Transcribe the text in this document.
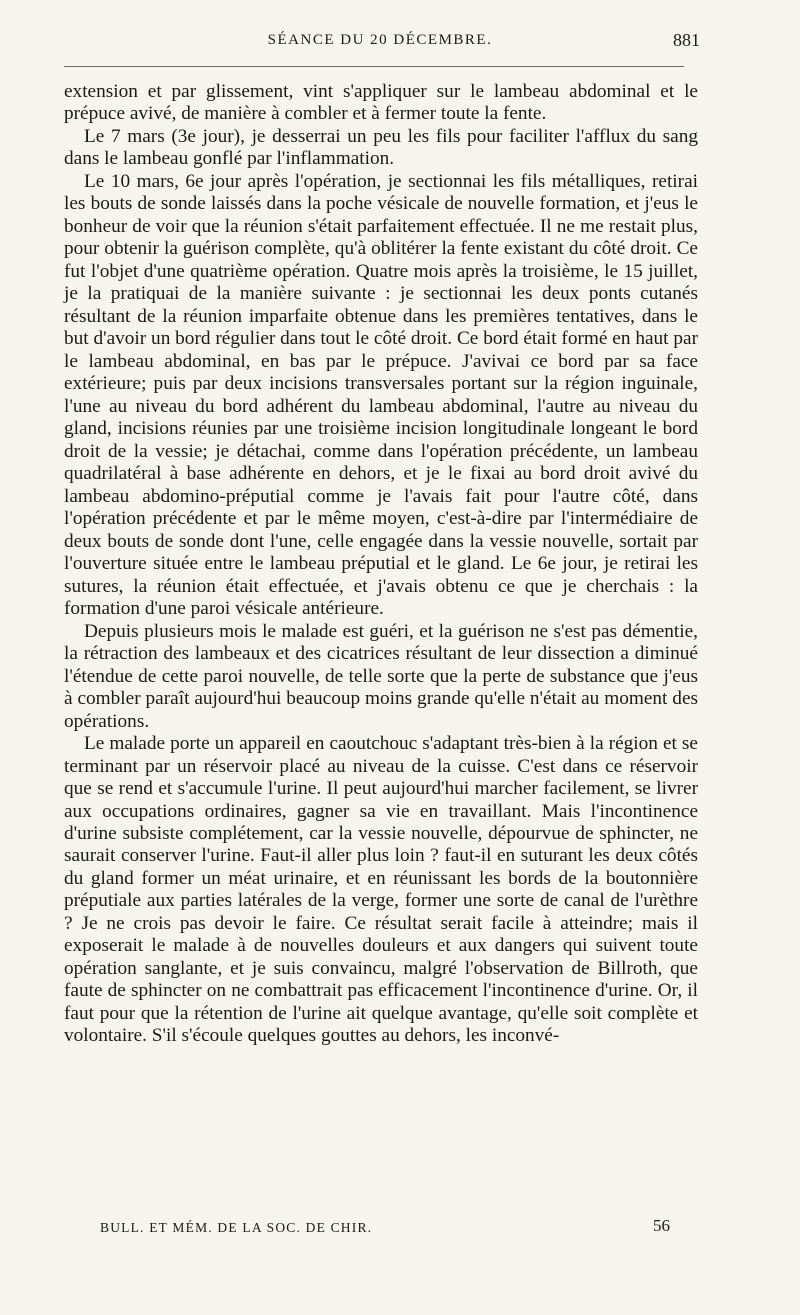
SÉANCE DU 20 DÉCEMBRE.	881

extension et par glissement, vint s'appliquer sur le lambeau abdominal et le prépuce avivé, de manière à combler et à fermer toute la fente.

Le 7 mars (3e jour), je desserrai un peu les fils pour faciliter l'afflux du sang dans le lambeau gonflé par l'inflammation.

Le 10 mars, 6e jour après l'opération, je sectionnai les fils métalliques, retirai les bouts de sonde laissés dans la poche vésicale de nouvelle formation, et j'eus le bonheur de voir que la réunion s'était parfaitement effectuée. Il ne me restait plus, pour obtenir la guérison complète, qu'à oblitérer la fente existant du côté droit. Ce fut l'objet d'une quatrième opération. Quatre mois après la troisième, le 15 juillet, je la pratiquai de la manière suivante : je sectionnai les deux ponts cutanés résultant de la réunion imparfaite obtenue dans les premières tentatives, dans le but d'avoir un bord régulier dans tout le côté droit. Ce bord était formé en haut par le lambeau abdominal, en bas par le prépuce. J'avivai ce bord par sa face extérieure; puis par deux incisions transversales portant sur la région inguinale, l'une au niveau du bord adhérent du lambeau abdominal, l'autre au niveau du gland, incisions réunies par une troisième incision longitudinale longeant le bord droit de la vessie; je détachai, comme dans l'opération précédente, un lambeau quadrilatéral à base adhérente en dehors, et je le fixai au bord droit avivé du lambeau abdomino-préputial comme je l'avais fait pour l'autre côté, dans l'opération précédente et par le même moyen, c'est-à-dire par l'intermédiaire de deux bouts de sonde dont l'une, celle engagée dans la vessie nouvelle, sortait par l'ouverture située entre le lambeau préputial et le gland. Le 6e jour, je retirai les sutures, la réunion était effectuée, et j'avais obtenu ce que je cherchais : la formation d'une paroi vésicale antérieure.

Depuis plusieurs mois le malade est guéri, et la guérison ne s'est pas démentie, la rétraction des lambeaux et des cicatrices résultant de leur dissection a diminué l'étendue de cette paroi nouvelle, de telle sorte que la perte de substance que j'eus à combler paraît aujourd'hui beaucoup moins grande qu'elle n'était au moment des opérations.

Le malade porte un appareil en caoutchouc s'adaptant très-bien à la région et se terminant par un réservoir placé au niveau de la cuisse. C'est dans ce réservoir que se rend et s'accumule l'urine. Il peut aujourd'hui marcher facilement, se livrer aux occupations ordinaires, gagner sa vie en travaillant. Mais l'incontinence d'urine subsiste complétement, car la vessie nouvelle, dépourvue de sphincter, ne saurait conserver l'urine. Faut-il aller plus loin ? faut-il en suturant les deux côtés du gland former un méat urinaire, et en réunissant les bords de la boutonnière préputiale aux parties latérales de la verge, former une sorte de canal de l'urèthre ? Je ne crois pas devoir le faire. Ce résultat serait facile à atteindre; mais il exposerait le malade à de nouvelles douleurs et aux dangers qui suivent toute opération sanglante, et je suis convaincu, malgré l'observation de Billroth, que faute de sphincter on ne combattrait pas efficacement l'incontinence d'urine. Or, il faut pour que la rétention de l'urine ait quelque avantage, qu'elle soit complète et volontaire. S'il s'écoule quelques gouttes au dehors, les inconvé-

BULL. ET MÉM. DE LA SOC. DE CHIR.	56
